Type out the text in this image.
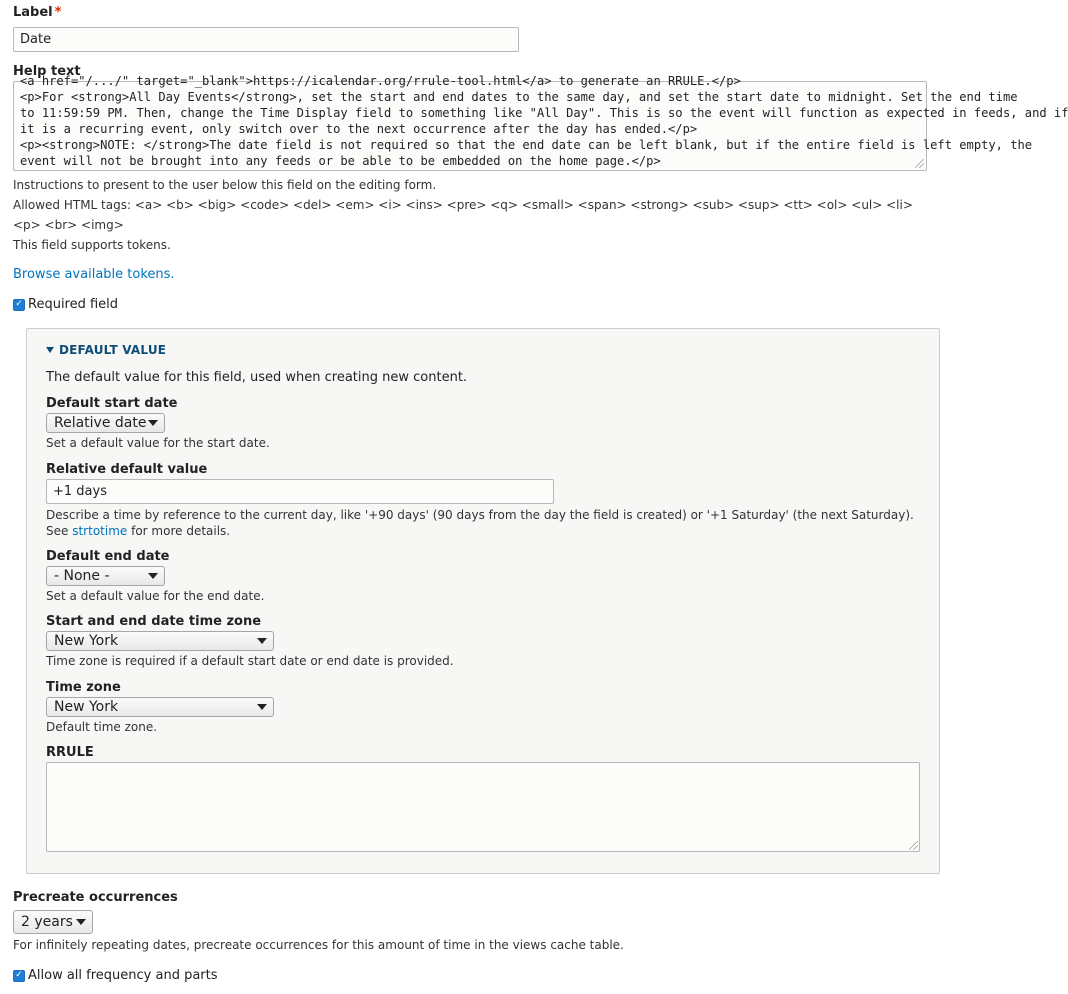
Label *
Date
Help text
<a href="/.../" target="_blank">https://icalendar.org/rrule-tool.html</a> to generate an RRULE.</p>
<p>For <strong>All Day Events</strong>, set the start and end dates to the same day, and set the start date to midnight. Set the end time
to 11:59:59 PM. Then, change the Time Display field to something like "All Day". This is so the event will function as expected in feeds, and if
it is a recurring event, only switch over to the next occurrence after the day has ended.</p>
<p><strong>NOTE: </strong>The date field is not required so that the end date can be left blank, but if the entire field is left empty, the
event will not be brought into any feeds or be able to be embedded on the home page.</p>
Instructions to present to the user below this field on the editing form.
Allowed HTML tags: <a> <b> <big> <code> <del> <em> <i> <ins> <pre> <q> <small> <span> <strong> <sub> <sup> <tt> <ol> <ul> <li>
<p> <br> <img>
This field supports tokens.
Browse available tokens.
✓ Required field
DEFAULT VALUE
The default value for this field, used when creating new content.
Default start date
Relative date
Set a default value for the start date.
Relative default value
+1 days
Describe a time by reference to the current day, like '+90 days' (90 days from the day the field is created) or '+1 Saturday' (the next Saturday).
See strtotime for more details.
Default end date
- None -
Set a default value for the end date.
Start and end date time zone
New York
Time zone is required if a default start date or end date is provided.
Time zone
New York
Default time zone.
RRULE
Precreate occurrences
2 years
For infinitely repeating dates, precreate occurrences for this amount of time in the views cache table.
✓ Allow all frequency and parts
